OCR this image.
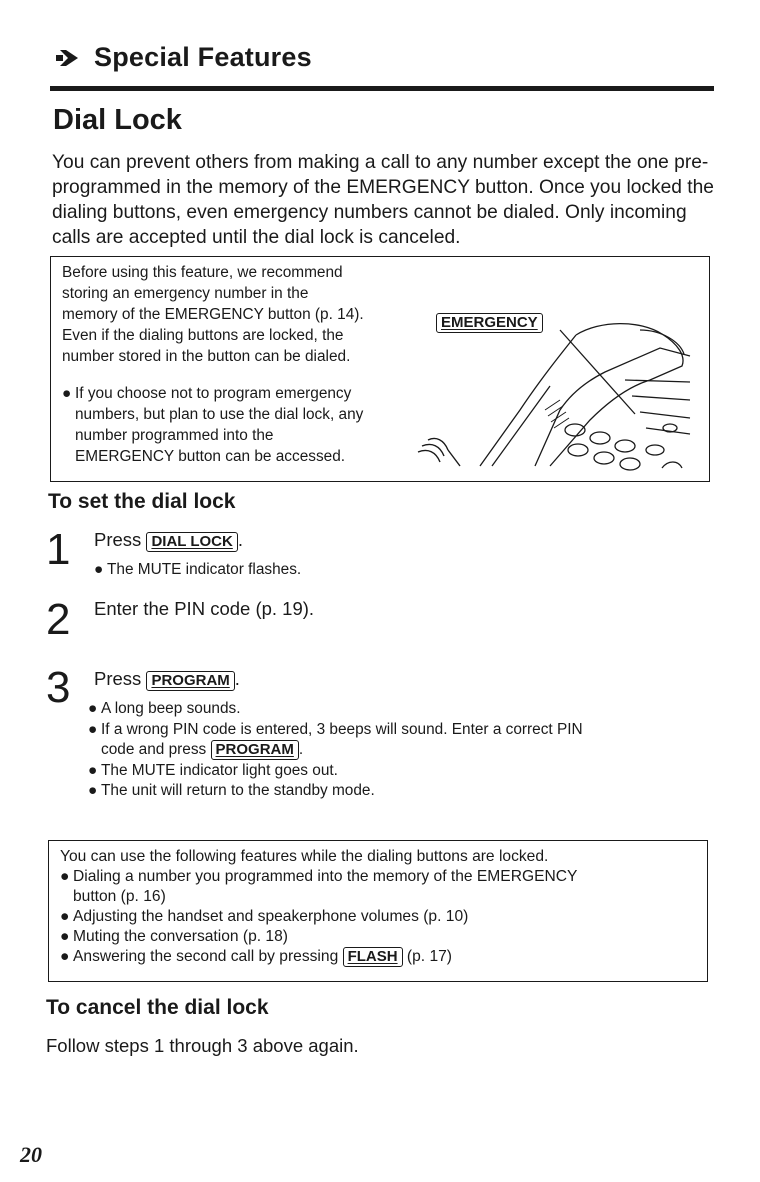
Special Features
Dial Lock
You can prevent others from making a call to any number except the one pre-programmed in the memory of the EMERGENCY button. Once you locked the dialing buttons, even emergency numbers cannot be dialed. Only incoming calls are accepted until the dial lock is canceled.
Before using this feature, we recommend
storing an emergency number in the
memory of the EMERGENCY button (p. 14).
Even if the dialing buttons are locked, the
number stored in the button can be dialed.
● If you choose not to program emergency
numbers, but plan to use the dial lock, any
number programmed into the
EMERGENCY button can be accessed.
EMERGENCY
To set the dial lock
1 Press DIAL LOCK .
● The MUTE indicator flashes.
2 Enter the PIN code (p. 19).
3 Press PROGRAM .
● A long beep sounds.
● If a wrong PIN code is entered, 3 beeps will sound. Enter a correct PIN
code and press PROGRAM .
● The MUTE indicator light goes out.
● The unit will return to the standby mode.
You can use the following features while the dialing buttons are locked.
● Dialing a number you programmed into the memory of the EMERGENCY
button (p. 16)
● Adjusting the handset and speakerphone volumes (p. 10)
● Muting the conversation (p. 18)
● Answering the second call by pressing FLASH (p. 17)
To cancel the dial lock
Follow steps 1 through 3 above again.
20
